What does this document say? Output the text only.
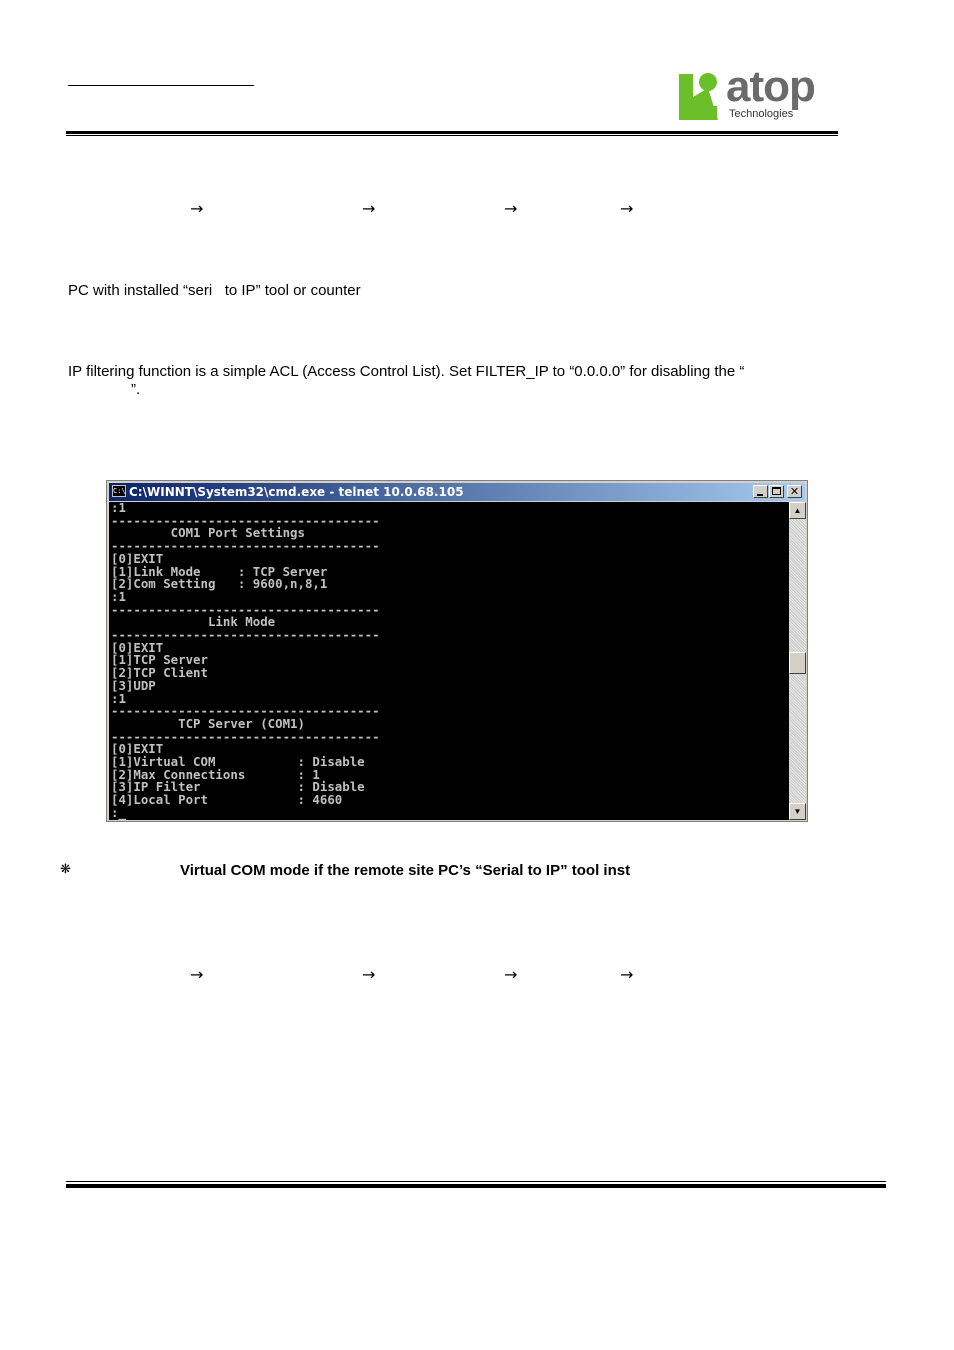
atop
Technologies
→	→	→	→
PC with installed “seri   to IP” tool or counter
IP filtering function is a simple ACL (Access Control List). Set FILTER_IP to “0.0.0.0” for disabling the “
”.
C:\ C:\WINNT\System32\cmd.exe - telnet 10.0.68.105	✕
:1
------------------------------------
COM1 Port Settings
------------------------------------
[0]EXIT
[1]Link Mode     : TCP Server
[2]Com Setting   : 9600,n,8,1
:1
------------------------------------
Link Mode
------------------------------------
[0]EXIT
[1]TCP Server
[2]TCP Client
[3]UDP
:1
------------------------------------
TCP Server (COM1)
------------------------------------
[0]EXIT
[1]Virtual COM           : Disable
[2]Max Connections       : 1
[3]IP Filter             : Disable
[4]Local Port            : 4660
:_
▲
▼
❋	Virtual COM mode if the remote site PC’s “Serial to IP” tool inst
→	→	→	→
